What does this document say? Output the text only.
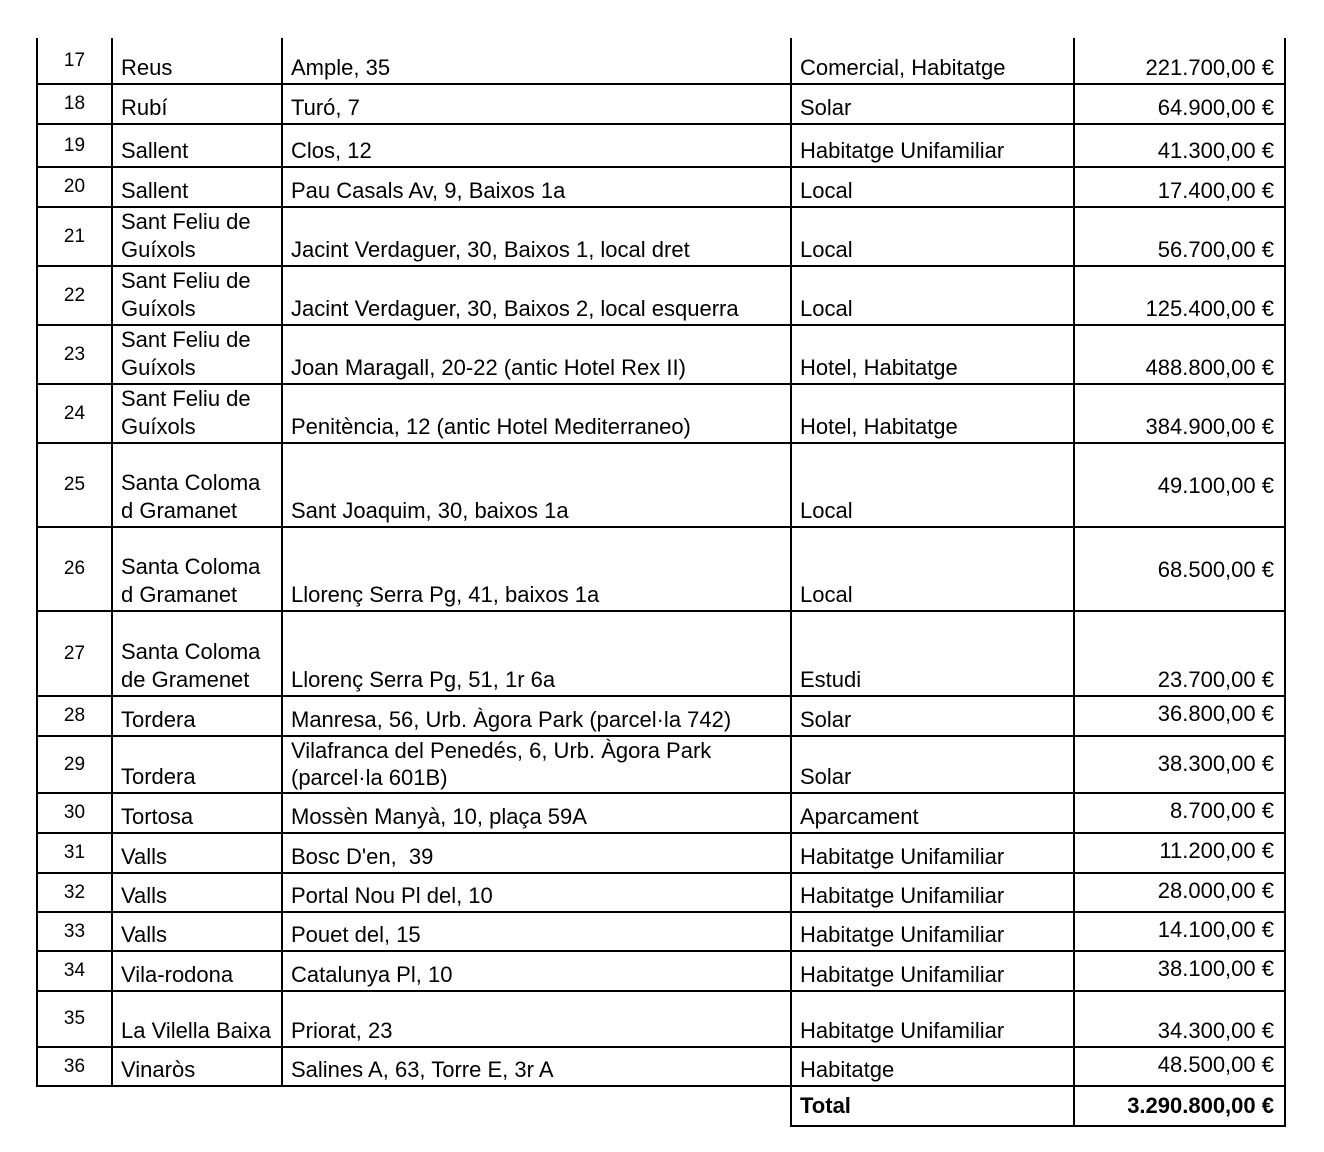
17	Reus	Ample, 35	Comercial, Habitatge	221.700,00 €
18	Rubí	Turó, 7	Solar	64.900,00 €
19	Sallent	Clos, 12	Habitatge Unifamiliar	41.300,00 €
20	Sallent	Pau Casals Av, 9, Baixos 1a	Local	17.400,00 €
21	Sant Feliu de Guíxols	Jacint Verdaguer, 30, Baixos 1, local dret	Local	56.700,00 €
22	Sant Feliu de Guíxols	Jacint Verdaguer, 30, Baixos 2, local esquerra	Local	125.400,00 €
23	Sant Feliu de Guíxols	Joan Maragall, 20-22 (antic Hotel Rex II)	Hotel, Habitatge	488.800,00 €
24	Sant Feliu de Guíxols	Penitència, 12 (antic Hotel Mediterraneo)	Hotel, Habitatge	384.900,00 €
25	Santa Coloma d Gramanet	Sant Joaquim, 30, baixos 1a	Local	49.100,00 €
26	Santa Coloma d Gramanet	Llorenç Serra Pg, 41, baixos 1a	Local	68.500,00 €
27	Santa Coloma de Gramenet	Llorenç Serra Pg, 51, 1r 6a	Estudi	23.700,00 €
28	Tordera	Manresa, 56, Urb. Àgora Park (parcel·la 742)	Solar	36.800,00 €
29	Tordera	Vilafranca del Penedés, 6, Urb. Àgora Park (parcel·la 601B)	Solar	38.300,00 €
30	Tortosa	Mossèn Manyà, 10, plaça 59A	Aparcament	8.700,00 €
31	Valls	Bosc D'en,  39	Habitatge Unifamiliar	11.200,00 €
32	Valls	Portal Nou Pl del, 10	Habitatge Unifamiliar	28.000,00 €
33	Valls	Pouet del, 15	Habitatge Unifamiliar	14.100,00 €
34	Vila-rodona	Catalunya Pl, 10	Habitatge Unifamiliar	38.100,00 €
35	La Vilella Baixa	Priorat, 23	Habitatge Unifamiliar	34.300,00 €
36	Vinaròs	Salines A, 63, Torre E, 3r A	Habitatge	48.500,00 €
			Total	3.290.800,00 €
